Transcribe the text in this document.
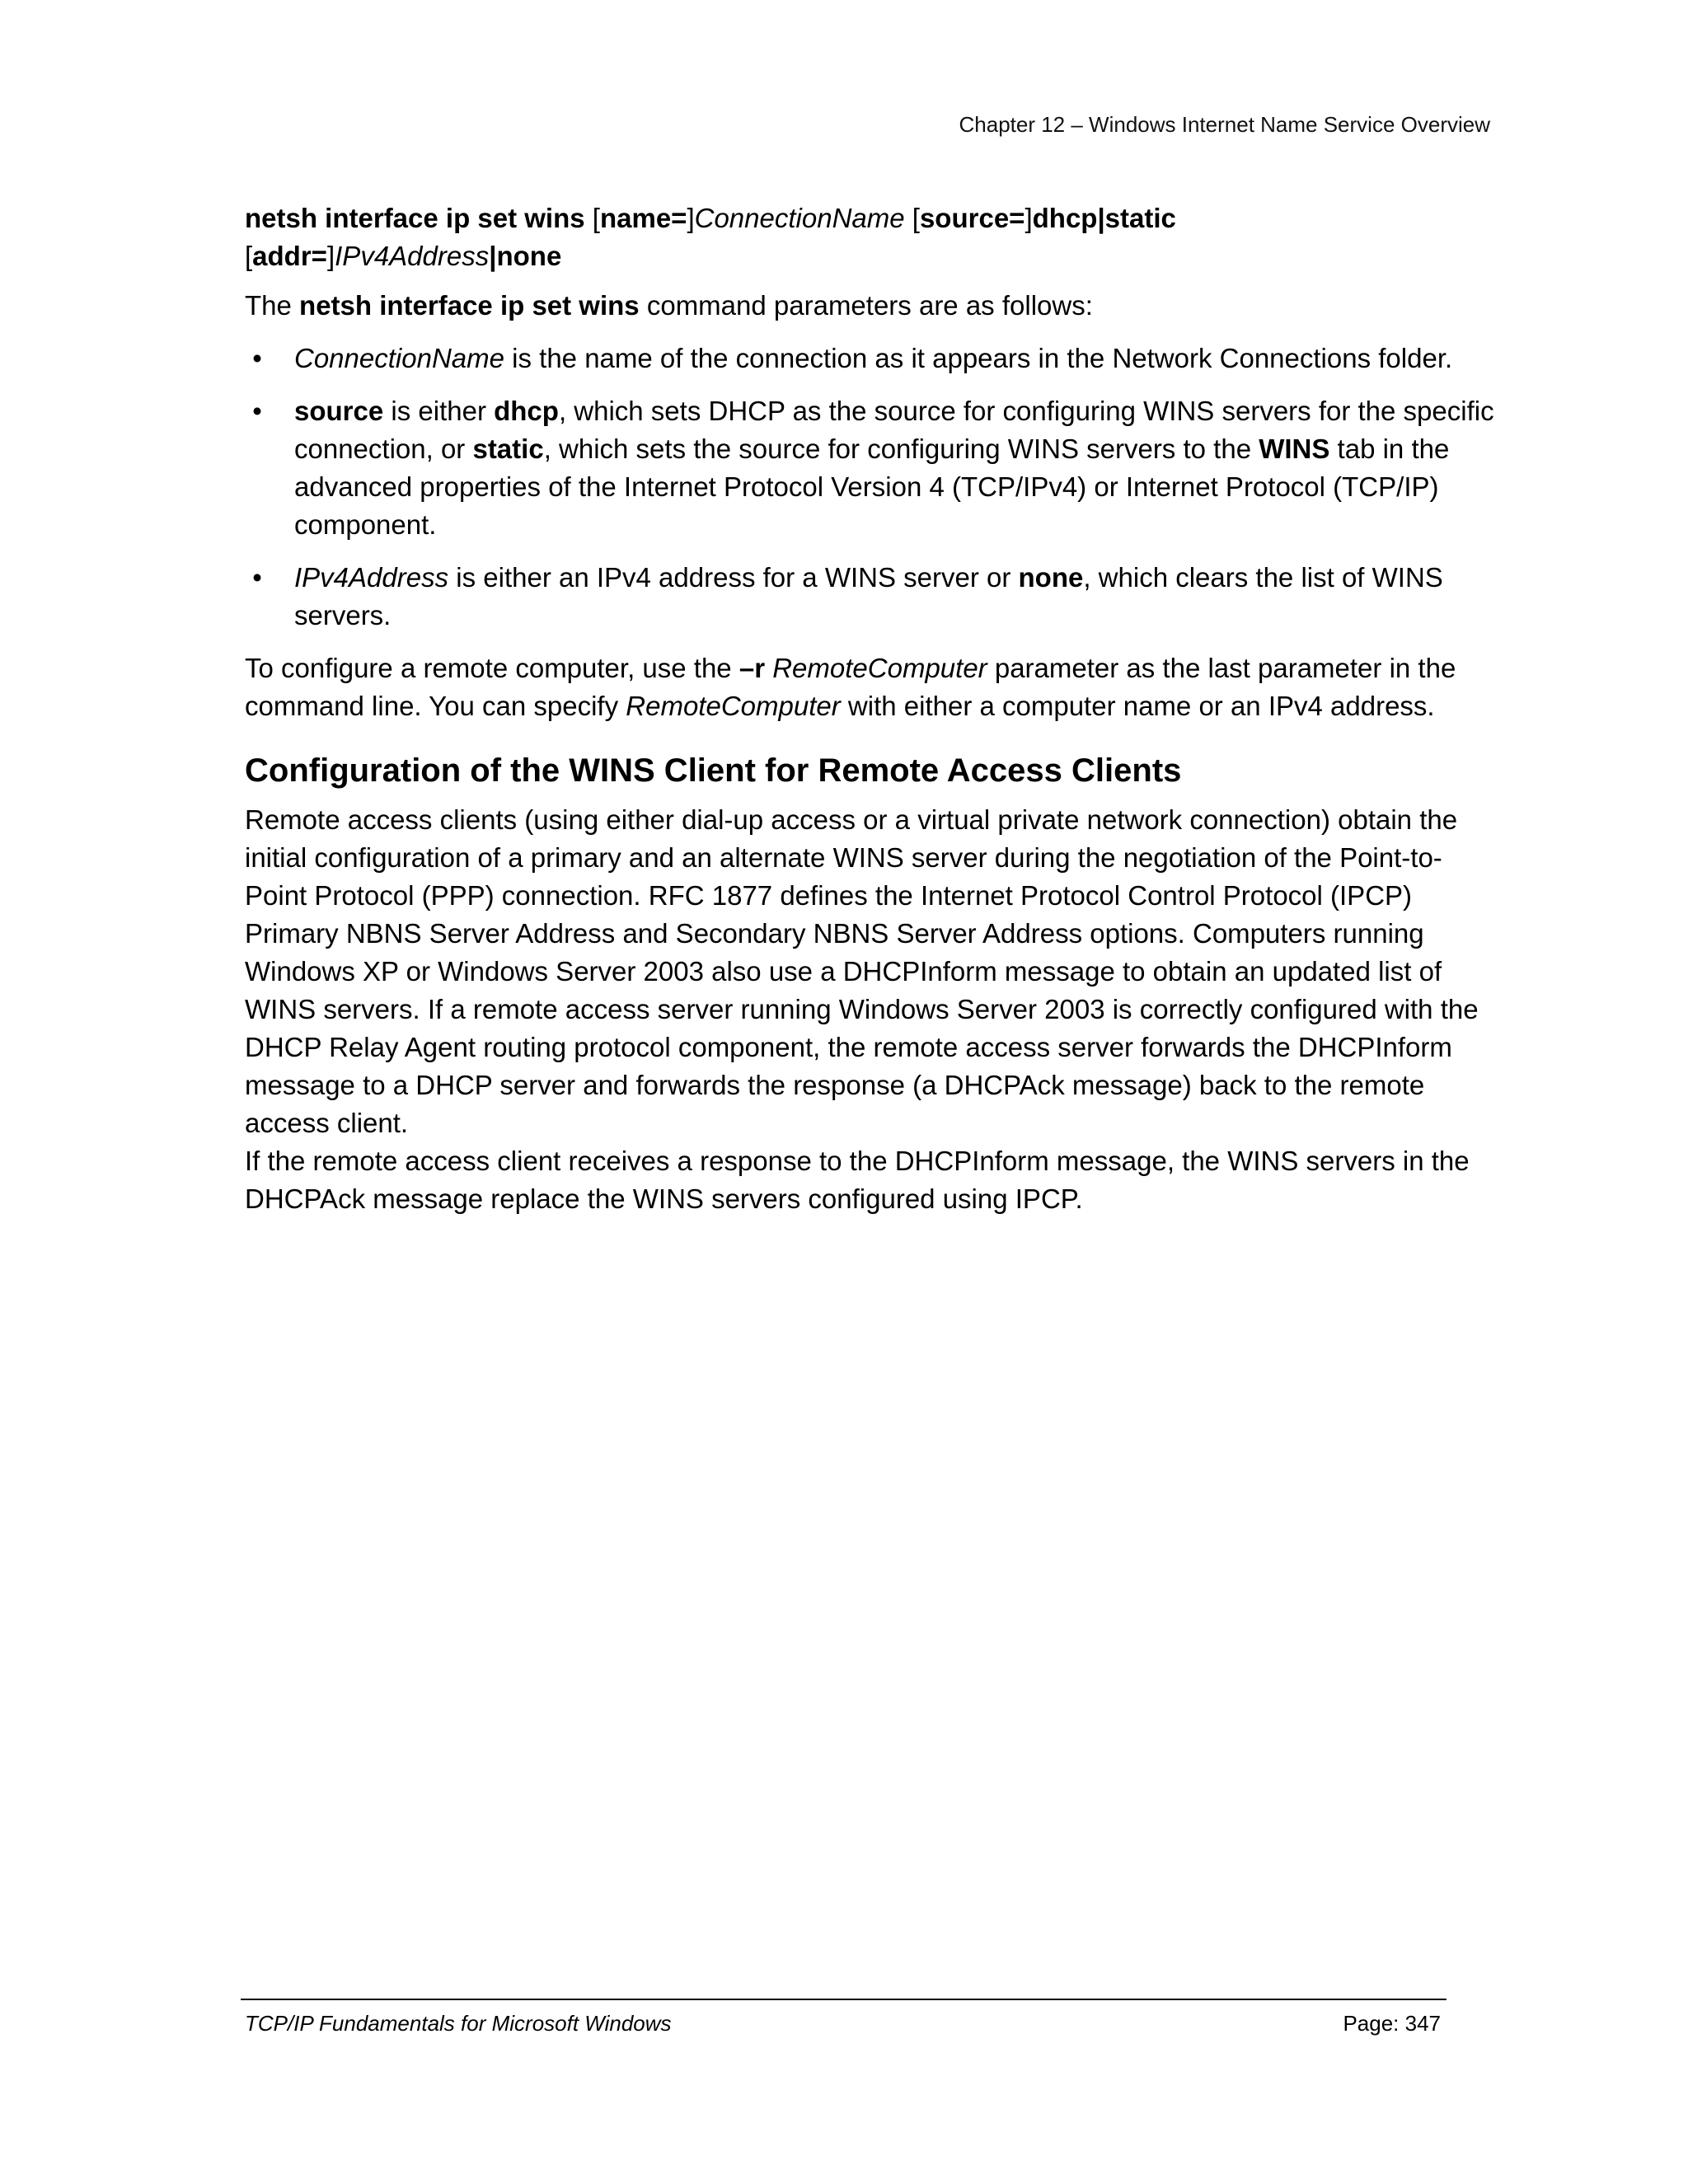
Chapter 12 – Windows Internet Name Service Overview
netsh interface ip set wins [name=]ConnectionName [source=]dhcp|static
[addr=]IPv4Address|none

The netsh interface ip set wins command parameters are as follows:

• ConnectionName is the name of the connection as it appears in the Network Connections folder.
• source is either dhcp, which sets DHCP as the source for configuring WINS servers for the specific connection, or static, which sets the source for configuring WINS servers to the WINS tab in the advanced properties of the Internet Protocol Version 4 (TCP/IPv4) or Internet Protocol (TCP/IP) component.
• IPv4Address is either an IPv4 address for a WINS server or none, which clears the list of WINS servers.

To configure a remote computer, use the –r RemoteComputer parameter as the last parameter in the command line. You can specify RemoteComputer with either a computer name or an IPv4 address.

Configuration of the WINS Client for Remote Access Clients

Remote access clients (using either dial-up access or a virtual private network connection) obtain the initial configuration of a primary and an alternate WINS server during the negotiation of the Point-to-Point Protocol (PPP) connection. RFC 1877 defines the Internet Protocol Control Protocol (IPCP) Primary NBNS Server Address and Secondary NBNS Server Address options. Computers running Windows XP or Windows Server 2003 also use a DHCPInform message to obtain an updated list of WINS servers. If a remote access server running Windows Server 2003 is correctly configured with the DHCP Relay Agent routing protocol component, the remote access server forwards the DHCPInform message to a DHCP server and forwards the response (a DHCPAck message) back to the remote access client.

If the remote access client receives a response to the DHCPInform message, the WINS servers in the DHCPAck message replace the WINS servers configured using IPCP.

TCP/IP Fundamentals for Microsoft Windows	Page: 347
